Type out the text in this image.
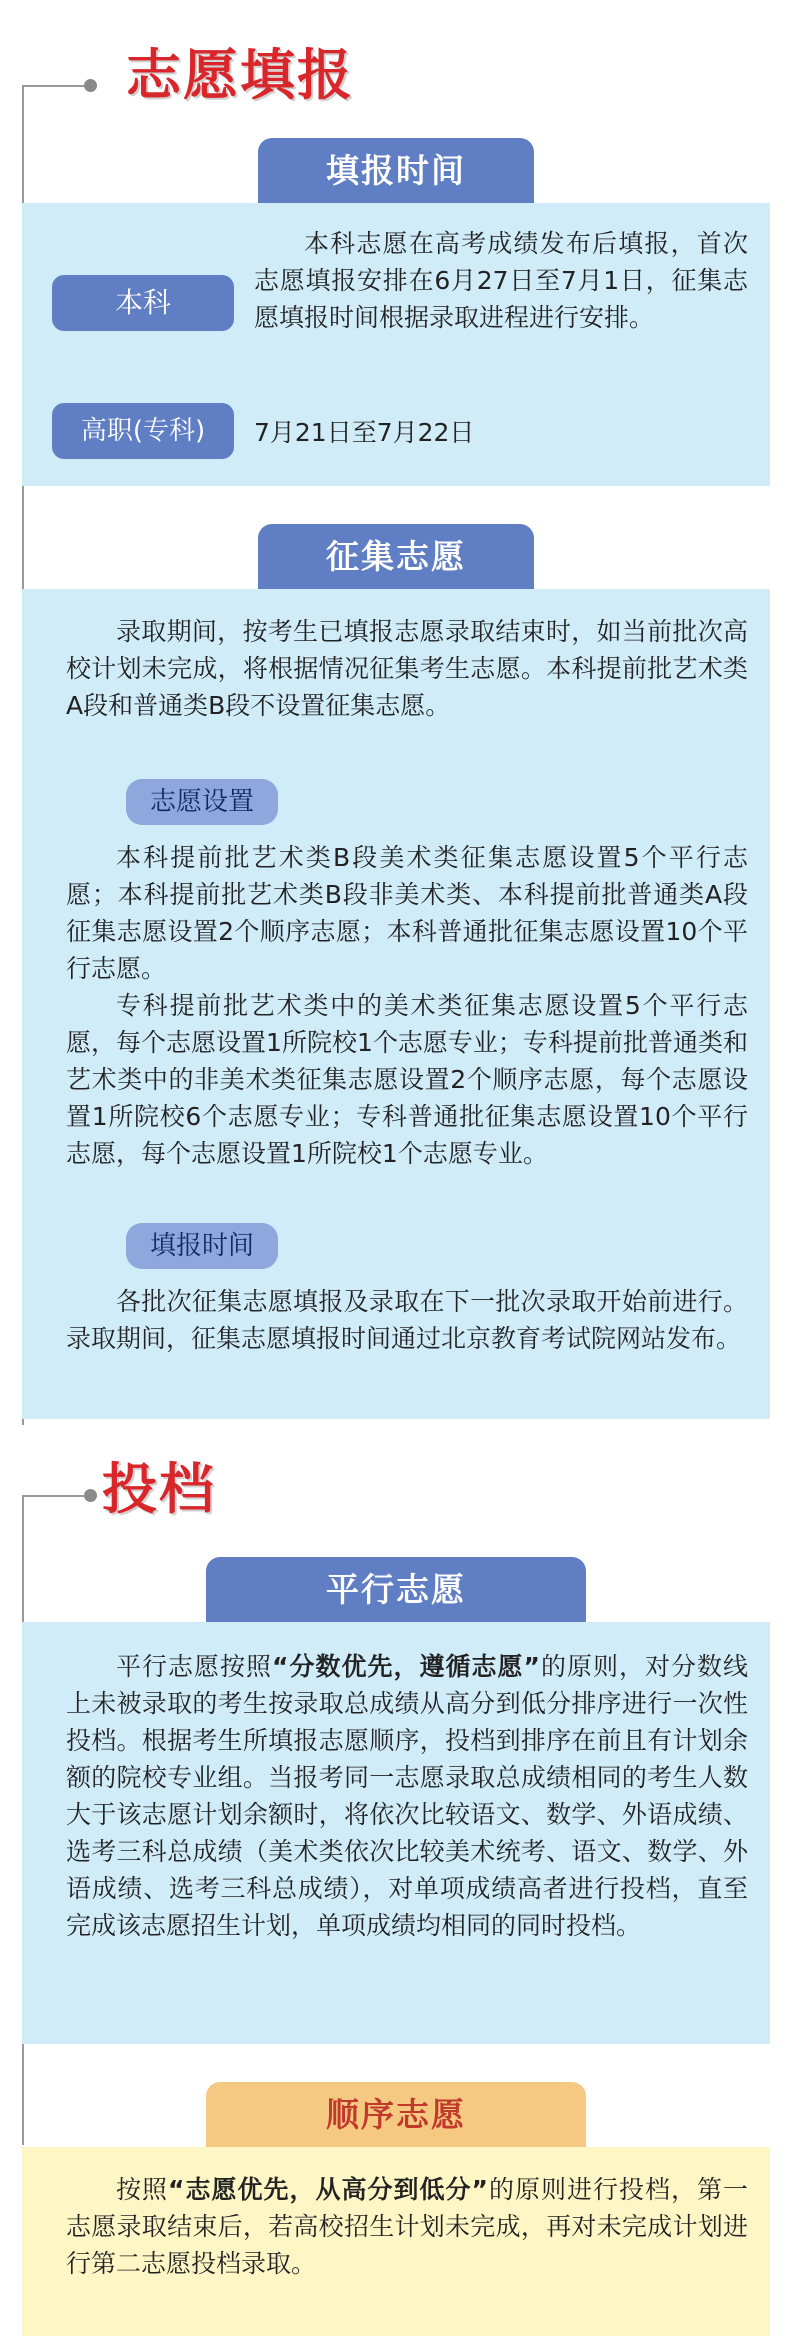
志愿填报
填报时间
本科

本科志愿在高考成绩发布后填报，首次志愿填报安排在6月27日至7月1日，征集志愿填报时间根据录取进程进行安排。

高职(专科)	7月21日至7月22日
征集志愿

录取期间，按考生已填报志愿录取结束时，如当前批次高校计划未完成，将根据情况征集考生志愿。本科提前批艺术类A段和普通类B段不设置征集志愿。

志愿设置

本科提前批艺术类B段美术类征集志愿设置5个平行志愿；本科提前批艺术类B段非美术类、本科提前批普通类A段征集志愿设置2个顺序志愿；本科普通批征集志愿设置10个平行志愿。

专科提前批艺术类中的美术类征集志愿设置5个平行志愿，每个志愿设置1所院校1个志愿专业；专科提前批普通类和艺术类中的非美术类征集志愿设置2个顺序志愿，每个志愿设置1所院校6个志愿专业；专科普通批征集志愿设置10个平行志愿，每个志愿设置1所院校1个志愿专业。

填报时间

各批次征集志愿填报及录取在下一批次录取开始前进行。录取期间，征集志愿填报时间通过北京教育考试院网站发布。

投档
平行志愿

平行志愿按照“分数优先，遵循志愿”的原则，对分数线上未被录取的考生按录取总成绩从高分到低分排序进行一次性投档。根据考生所填报志愿顺序，投档到排序在前且有计划余额的院校专业组。当报考同一志愿录取总成绩相同的考生人数大于该志愿计划余额时，将依次比较语文、数学、外语成绩、选考三科总成绩（美术类依次比较美术统考、语文、数学、外语成绩、选考三科总成绩），对单项成绩高者进行投档，直至完成该志愿招生计划，单项成绩均相同的同时投档。

顺序志愿

按照“志愿优先，从高分到低分”的原则进行投档，第一志愿录取结束后，若高校招生计划未完成，再对未完成计划进行第二志愿投档录取。
